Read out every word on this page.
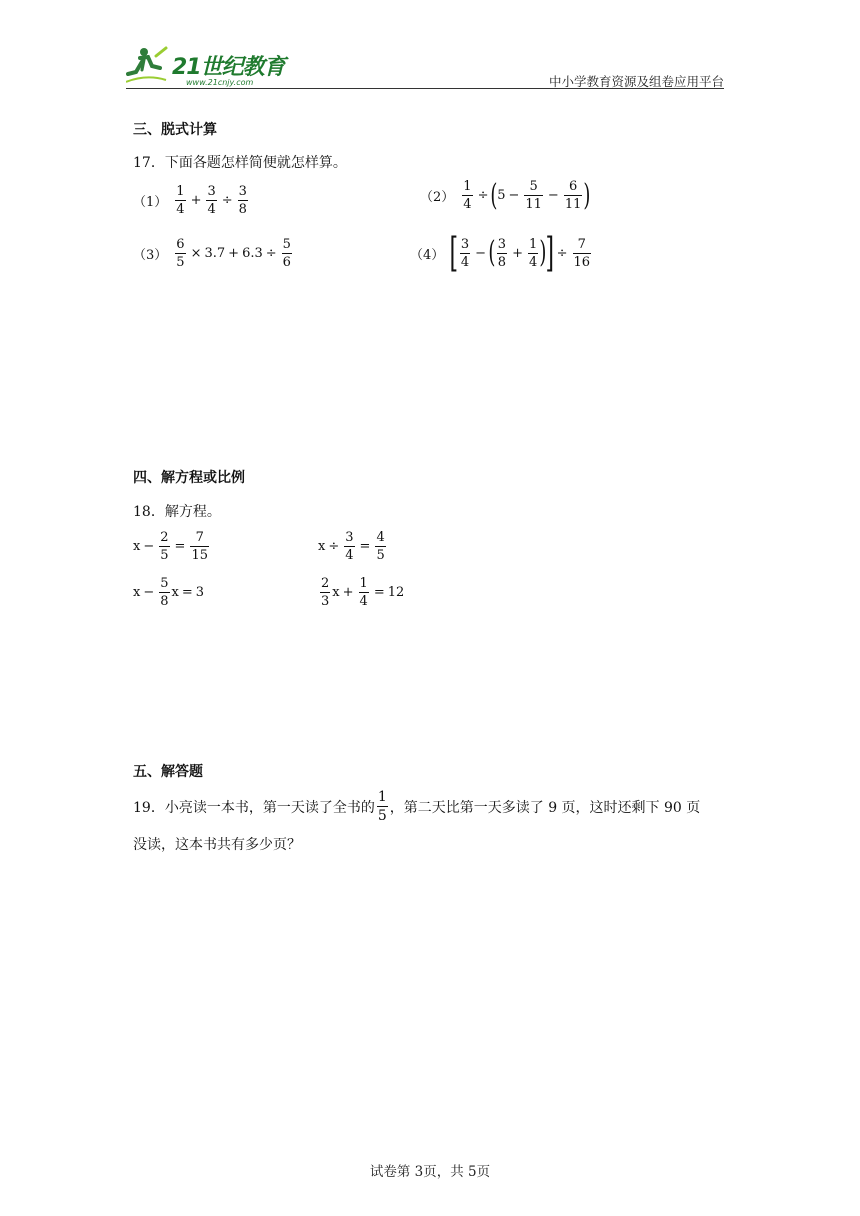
21世纪教育
www.21cnjy.com	中小学教育资源及组卷应用平台
三、脱式计算
17．下面各题怎样简便就怎样算。
$(1) \frac{1}{4} + \frac{3}{4} \div \frac{3}{8}$	$(2) \frac{1}{4}$ ÷ ( $5 - \frac{5}{11} - \frac{6}{11}$ )
$(3) \frac{6}{5} \times 3.7 + 6.3 \div \frac{5}{6}$	（4） [ $\frac{3}{4}$ − ( $\frac{3}{8} + \frac{1}{4}$ )
] ÷ $\frac{7}{16}$
四、解方程或比例
18．解方程。
$x - \frac{2}{5} = \frac{7}{15}$	$x \div \frac{3}{4} = \frac{4}{5}$
$x - \frac{5}{8}$ x = 3	$\frac{2}{3}$ $x + \frac{1}{4} = 12$
五、解答题
19．小亮读一本书，第一天读了全书的 $\frac{1}{5}$ ，第二天比第一天多读了 9 页，这时还剩下 90 页
没读，这本书共有多少页？
试卷第 3页，共 5页
